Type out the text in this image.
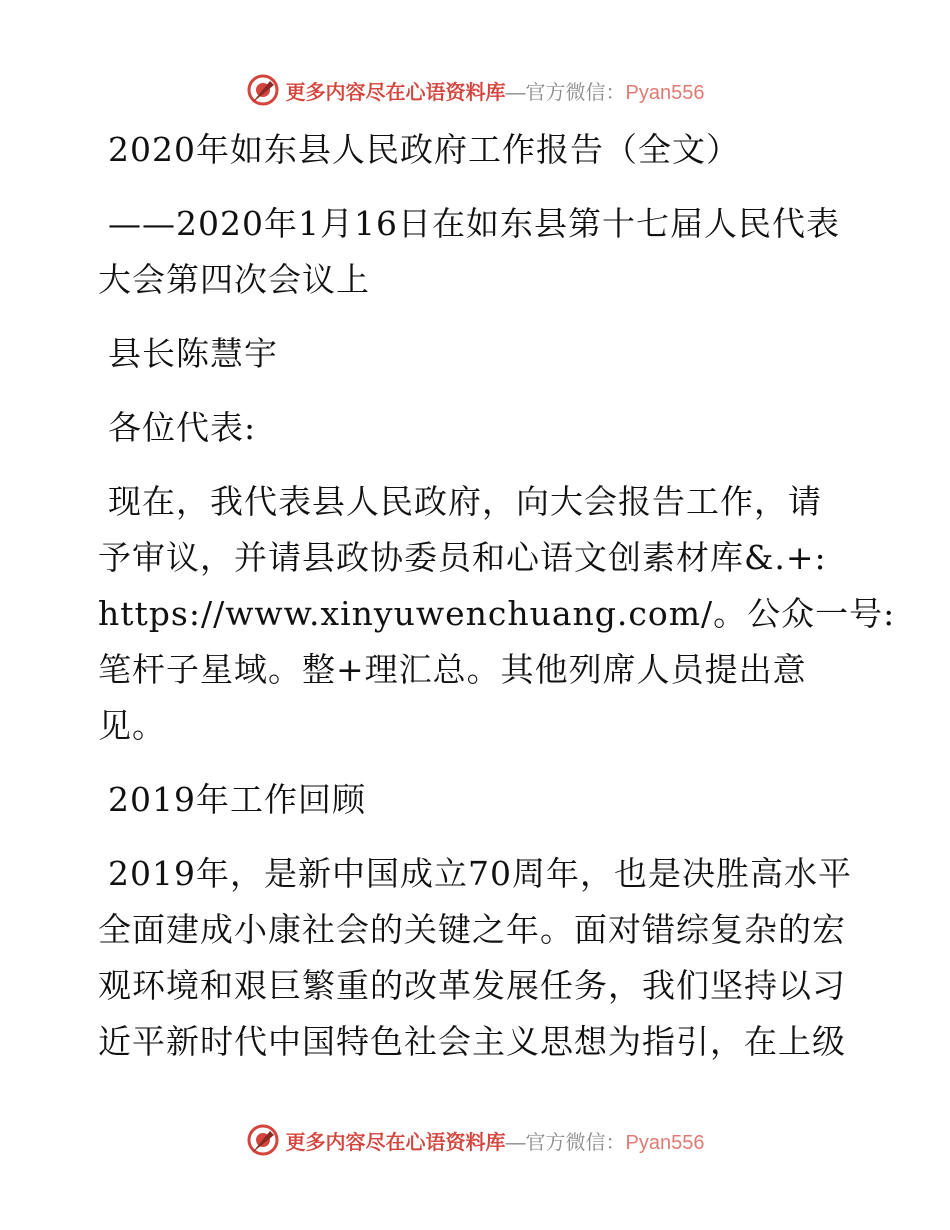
更多内容尽在心语资料库—官方微信：Pyan556
2020年如东县人民政府工作报告（全文）
——2020年1月16日在如东县第十七届人民代表
大会第四次会议上
县长陈慧宇
各位代表:
现在，我代表县人民政府，向大会报告工作，请
予审议，并请县政协委员和心语文创素材库&.+:
https://www.xinyuwenchuang.com/。公众一号:
笔杆子星域。整+理汇总。其他列席人员提出意
见。
2019年工作回顾
2019年，是新中国成立70周年，也是决胜高水平
全面建成小康社会的关键之年。面对错综复杂的宏
观环境和艰巨繁重的改革发展任务，我们坚持以习
近平新时代中国特色社会主义思想为指引，在上级
更多内容尽在心语资料库—官方微信：Pyan556
